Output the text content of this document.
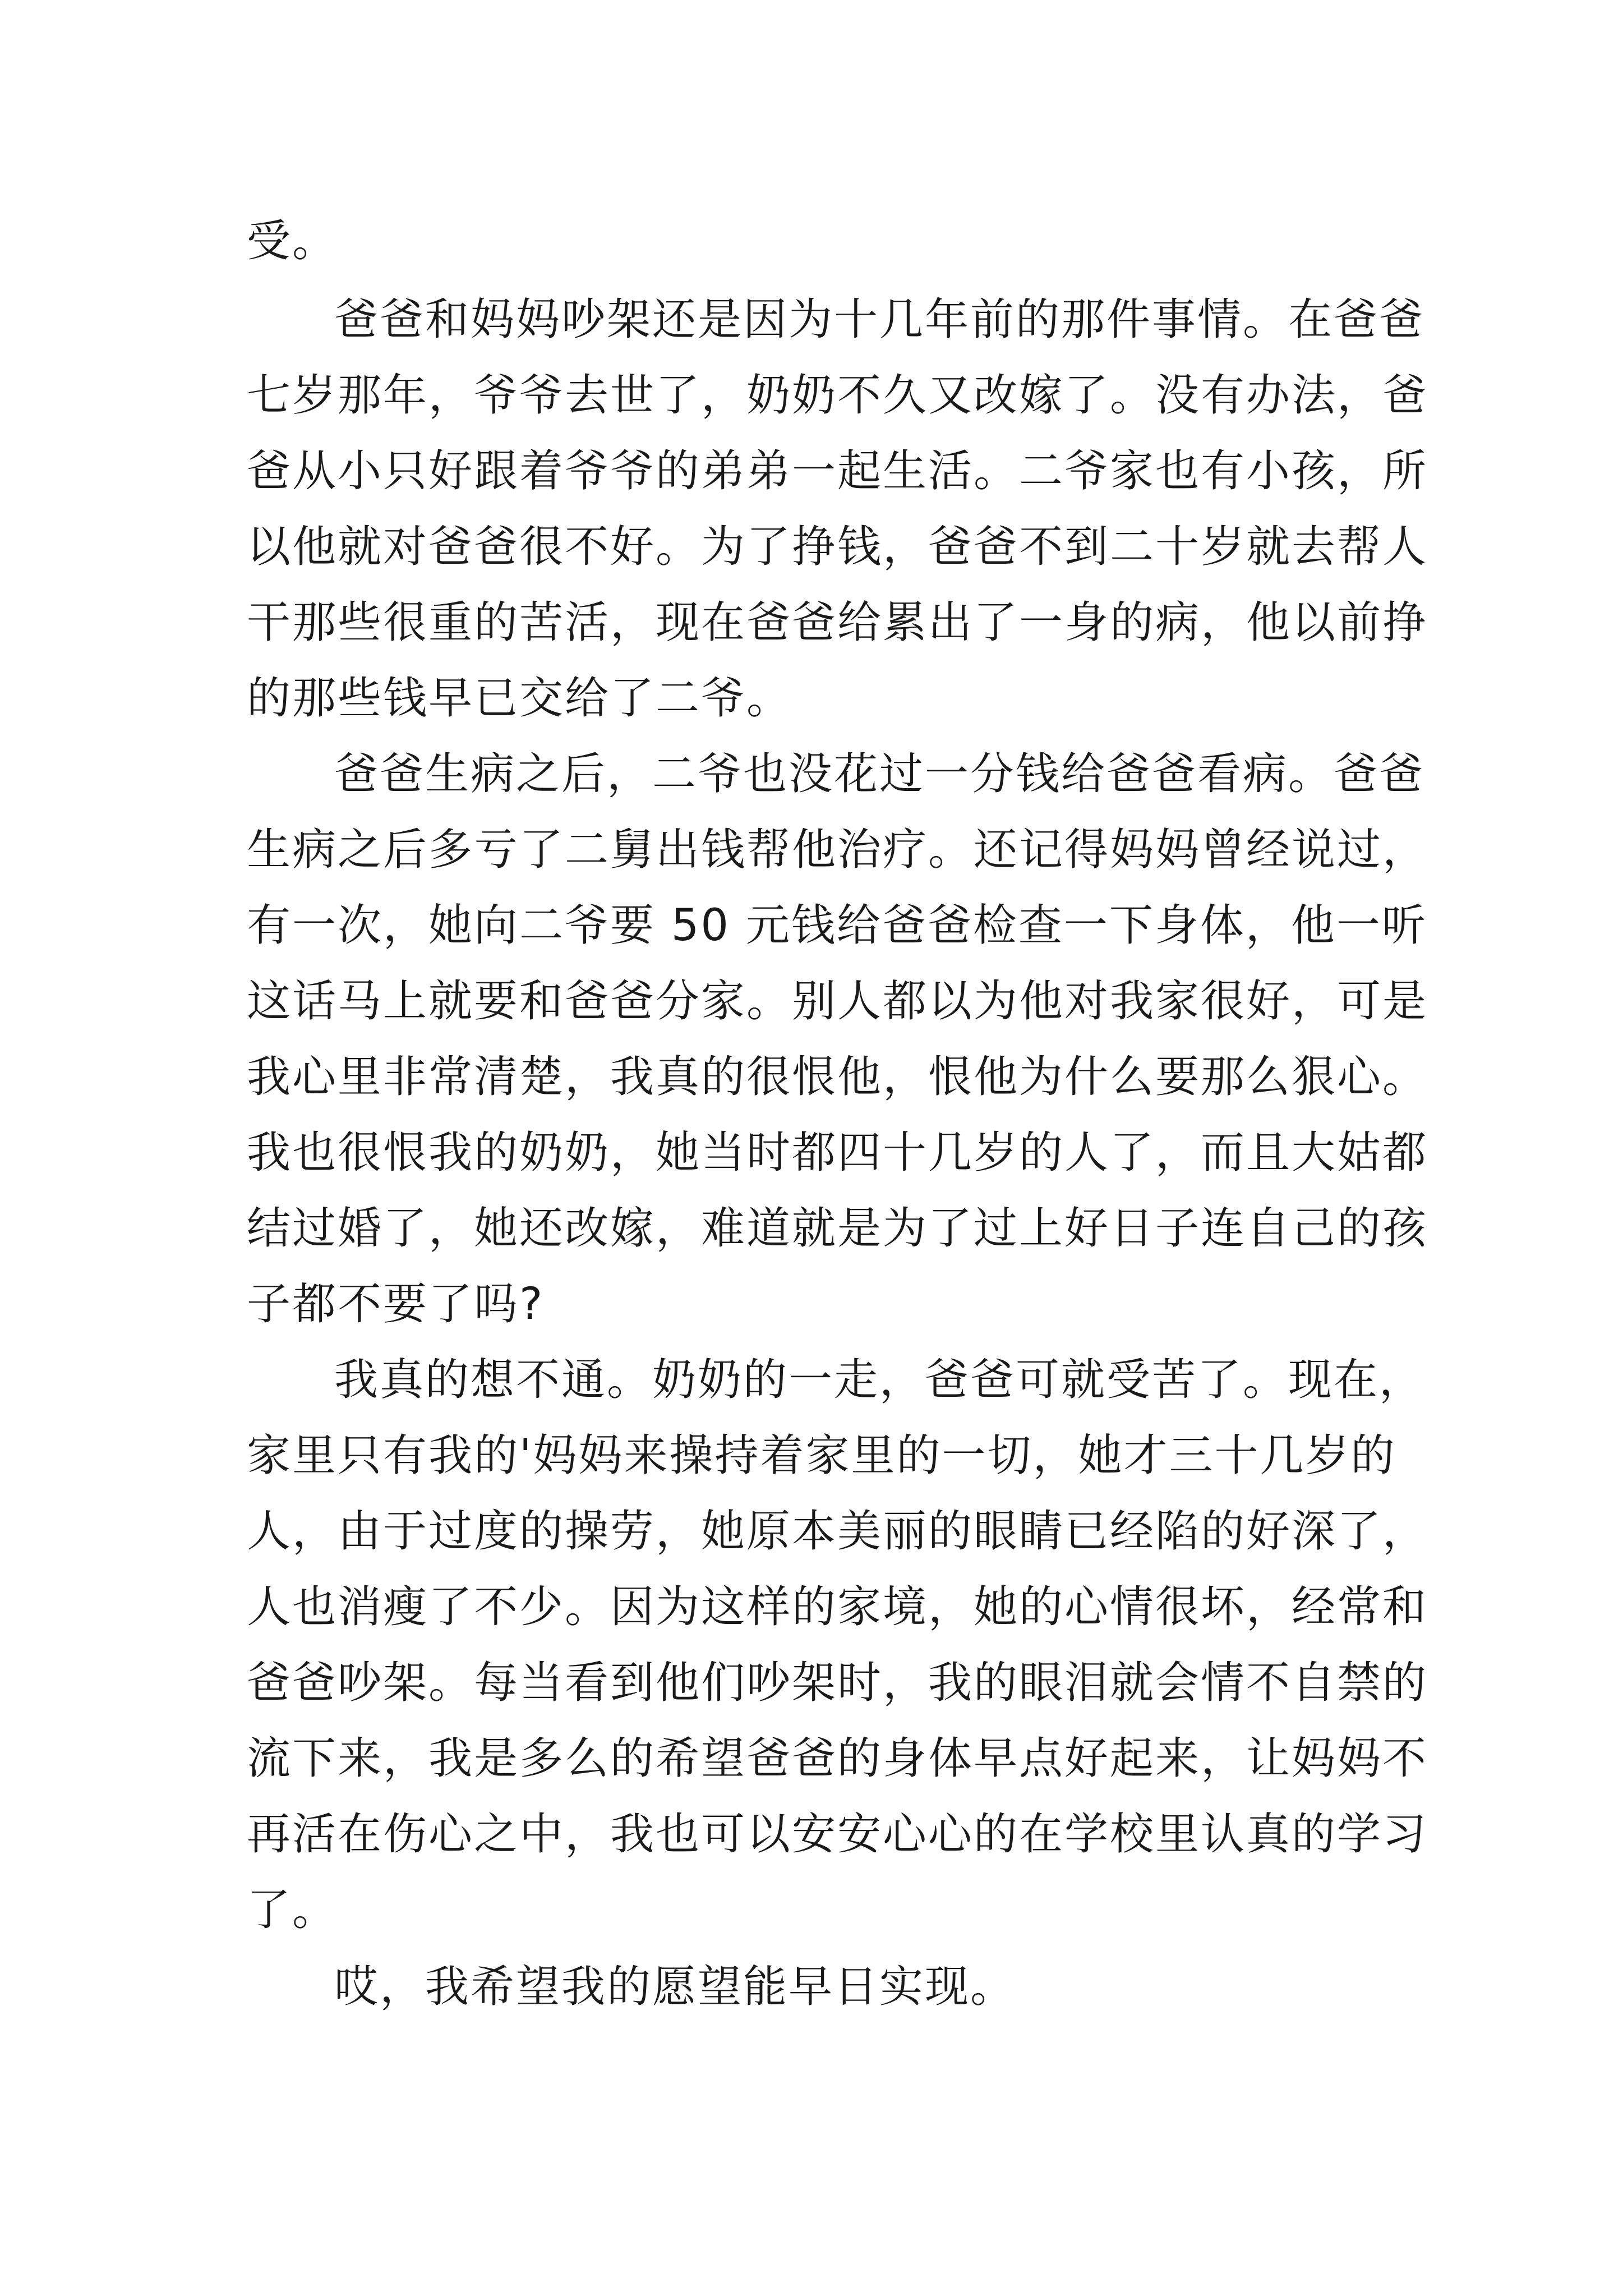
受。

爸爸和妈妈吵架还是因为十几年前的那件事情。在爸爸

七岁那年，爷爷去世了，奶奶不久又改嫁了。没有办法，爸

爸从小只好跟着爷爷的弟弟一起生活。二爷家也有小孩，所

以他就对爸爸很不好。为了挣钱，爸爸不到二十岁就去帮人

干那些很重的苦活，现在爸爸给累出了一身的病，他以前挣

的那些钱早已交给了二爷。

爸爸生病之后，二爷也没花过一分钱给爸爸看病。爸爸

生病之后多亏了二舅出钱帮他治疗。还记得妈妈曾经说过，

有一次，她向二爷要 50 元钱给爸爸检查一下身体，他一听

这话马上就要和爸爸分家。别人都以为他对我家很好，可是

我心里非常清楚，我真的很恨他，恨他为什么要那么狠心。

我也很恨我的奶奶，她当时都四十几岁的人了，而且大姑都

结过婚了，她还改嫁，难道就是为了过上好日子连自己的孩

子都不要了吗?

我真的想不通。奶奶的一走，爸爸可就受苦了。现在，

家里只有我的'妈妈来操持着家里的一切，她才三十几岁的

人，由于过度的操劳，她原本美丽的眼睛已经陷的好深了，

人也消瘦了不少。因为这样的家境，她的心情很坏，经常和

爸爸吵架。每当看到他们吵架时，我的眼泪就会情不自禁的

流下来，我是多么的希望爸爸的身体早点好起来，让妈妈不

再活在伤心之中，我也可以安安心心的在学校里认真的学习

了。

哎，我希望我的愿望能早日实现。
